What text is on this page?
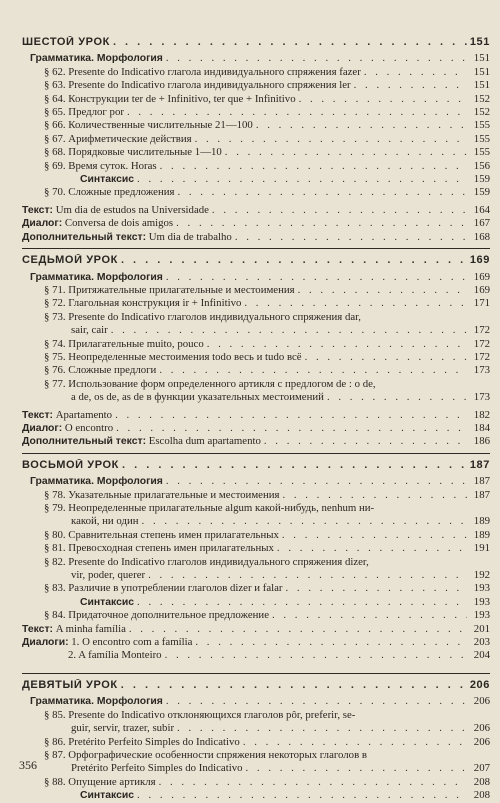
ШЕСТОЙ УРОК . . .	151
Грамматика. Морфология . . .	151
§ 62. Presente do Indicativo глагола индивидуального спряжения fazer . . .	151
§ 63. Presente do Indicativo глагола индивидуального спряжения ler . . .	151
§ 64. Конструкции ter de + Infinitivo, ter que + Infinitivo . . .	152
§ 65. Предлог por . . .	152
§ 66. Количественные числительные 21—100 . . .	155
§ 67. Арифметические действия . . .	155
§ 68. Порядковые числительные 1—10 . . .	155
§ 69. Время суток. Horas . . .	156
Синтаксис . . .	159
§ 70. Сложные предложения . . .	159
Текст: Um dia de estudos na Universidade . . .	164
Диалог: Conversa de dois amigos . . .	167
Дополнительный текст: Um dia de trabalho . . .	168
СЕДЬМОЙ УРОК . . .	169
Грамматика. Морфология . . .	169
§ 71. Притяжательные прилагательные и местоимения . . .	169
§ 72. Глагольная конструкция ir + Infinitivo . . .	171
§ 73. Presente do Indicativo глаголов индивидуального спряжения dar,
sair, cair . . .	172
§ 74. Прилагательные muito, pouco . . .	172
§ 75. Неопределенные местоимения todo весь и tudo всё . . .	172
§ 76. Сложные предлоги . . .	173
§ 77. Использование форм определенного артикля с предлогом de : o de,
a de, os de, as de в функции указательных местоимений . . .	173
Текст: Apartamento . . .	182
Диалог: O encontro . . .	184
Дополнительный текст: Escolha dum apartamento . . .	186
ВОСЬМОЙ УРОК . . .	187
Грамматика. Морфология . . .	187
§ 78. Указательные прилагательные и местоимения . . .	187
§ 79. Неопределенные прилагательные algum какой-нибудь, nenhum ни-
какой, ни один . . .	189
§ 80. Сравнительная степень имен прилагательных . . .	189
§ 81. Превосходная степень имен прилагательных . . .	191
§ 82. Presente do Indicativo глаголов индивидуального спряжения dizer,
vir, poder, querer . . .	192
§ 83. Различие в употреблении глаголов dizer и falar . . .	193
Синтаксис . . .	193
§ 84. Придаточное дополнительное предложение . . .	193
Текст: A minha família . . .	201
Диалоги: 1. O encontro com a família . . .	203
2. A família Monteiro . . .	204
ДЕВЯТЫЙ УРОК . . .	206
Грамматика. Морфология . . .	206
§ 85. Presente do Indicativo отклоняющихся глаголов pôr, preferir, se-
guir, servir, trazer, subir . . .	206
§ 86. Pretérito Perfeito Simples do Indicativo . . .	206
§ 87. Орфографические особенности спряжения некоторых глаголов в
Pretérito Perfeito Simples do Indicativo . . .	207
§ 88. Опущение артикля . . .	208
Синтаксис . . .	208
356
